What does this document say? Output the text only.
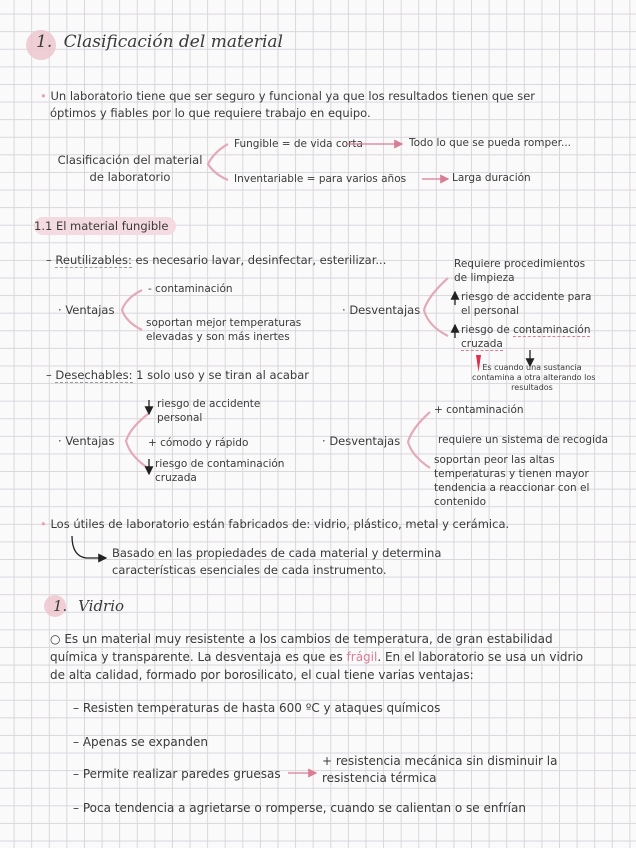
1. Clasificación del material
• Un laboratorio tiene que ser seguro y funcional ya que los resultados tienen que ser
óptimos y fiables por lo que requiere trabajo en equipo.
Clasificación del material
de laboratorio
Fungible = de vida corta	Todo lo que se pueda romper...
Inventariable = para varios años	Larga duración
1.1 El material fungible
– Reutilizables: es necesario lavar, desinfectar, esterilizar...
· Ventajas
- contaminación
soportan mejor temperaturas
elevadas y son más inertes
· Desventajas
Requiere procedimientos
de limpieza
riesgo de accidente para
el personal
riesgo de contaminación
cruzada
Es cuando una sustancia
contamina a otra alterando los
resultados
– Desechables: 1 solo uso y se tiran al acabar
· Ventajas
riesgo de accidente
personal
+ cómodo y rápido
riesgo de contaminación
cruzada
· Desventajas
+ contaminación
requiere un sistema de recogida
soportan peor las altas
temperaturas y tienen mayor
tendencia a reaccionar con el
contenido
• Los útiles de laboratorio están fabricados de: vidrio, plástico, metal y cerámica.
Basado en las propiedades de cada material y determina
características esenciales de cada instrumento.
1. Vidrio
○ Es un material muy resistente a los cambios de temperatura, de gran estabilidad
química y transparente. La desventaja es que es frágil. En el laboratorio se usa un vidrio
de alta calidad, formado por borosilicato, el cual tiene varias ventajas:
– Resisten temperaturas de hasta 600 ºC y ataques químicos
– Apenas se expanden
– Permite realizar paredes gruesas
+ resistencia mecánica sin disminuir la
resistencia térmica
– Poca tendencia a agrietarse o romperse, cuando se calientan o se enfrían
